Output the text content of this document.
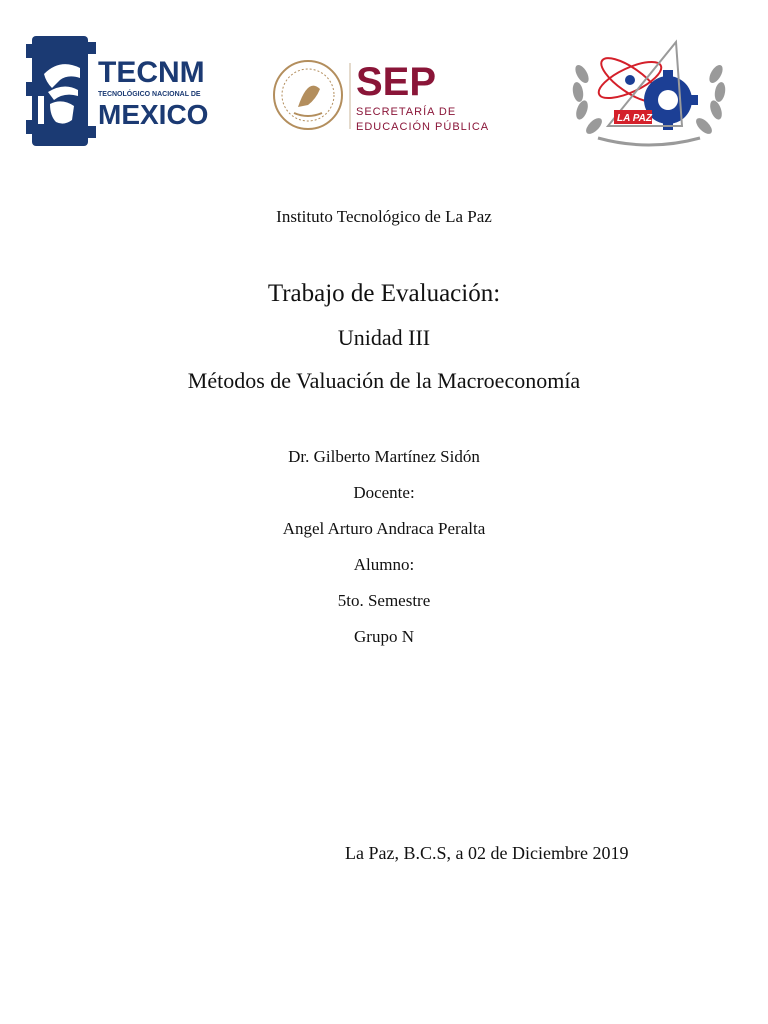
TECNM
TECNOLÓGICO NACIONAL DE
MEXICO
SEP
SECRETARÍA DE
EDUCACIÓN PÚBLICA
LA PAZ
Instituto Tecnológico de La Paz
Trabajo de Evaluación:
Unidad III
Métodos de Valuación de la Macroeconomía
Dr. Gilberto Martínez Sidón
Docente:
Angel Arturo Andraca Peralta
Alumno:
5to. Semestre
Grupo N
La Paz, B.C.S, a 02 de Diciembre 2019
